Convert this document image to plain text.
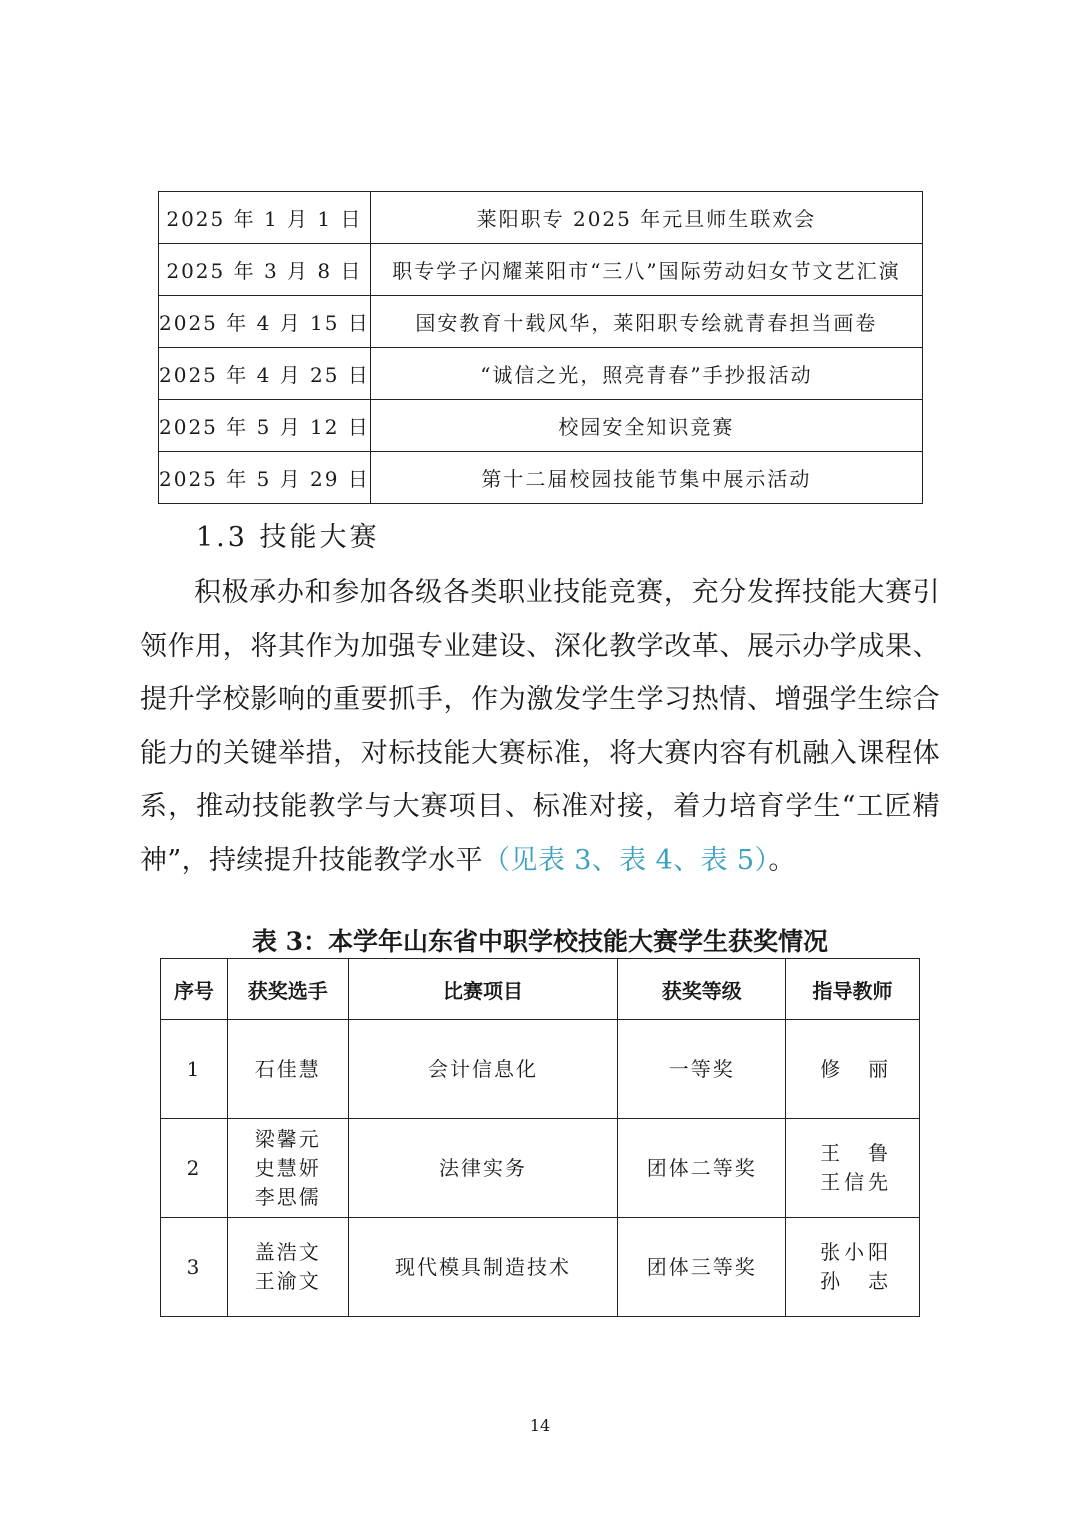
2025 年 1 月 1 日	莱阳职专 2025 年元旦师生联欢会
2025 年 3 月 8 日	职专学子闪耀莱阳市“三八”国际劳动妇女节文艺汇演
2025 年 4 月 15 日	国安教育十载风华，莱阳职专绘就青春担当画卷
2025 年 4 月 25 日	“诚信之光，照亮青春”手抄报活动
2025 年 5 月 12 日	校园安全知识竞赛
2025 年 5 月 29 日	第十二届校园技能节集中展示活动
1.3 技能大赛

积极承办和参加各级各类职业技能竞赛，充分发挥技能大赛引领作用，将其作为加强专业建设、深化教学改革、展示办学成果、提升学校影响的重要抓手，作为激发学生学习热情、增强学生综合能力的关键举措，对标技能大赛标准，将大赛内容有机融入课程体系，推动技能教学与大赛项目、标准对接，着力培育学生“工匠精神”，持续提升技能教学水平（见表 3、表 4、表 5）。

表 3：本学年山东省中职学校技能大赛学生获奖情况
序号	获奖选手	比赛项目	获奖等级	指导教师
1	石佳慧	会计信息化	一等奖	修　丽

2	梁馨元
史慧妍
李思儒	法律实务	团体二等奖	王　鲁
王信先

3	盖浩文
王渝文	现代模具制造技术	团体三等奖	张小阳
孙　志
14
